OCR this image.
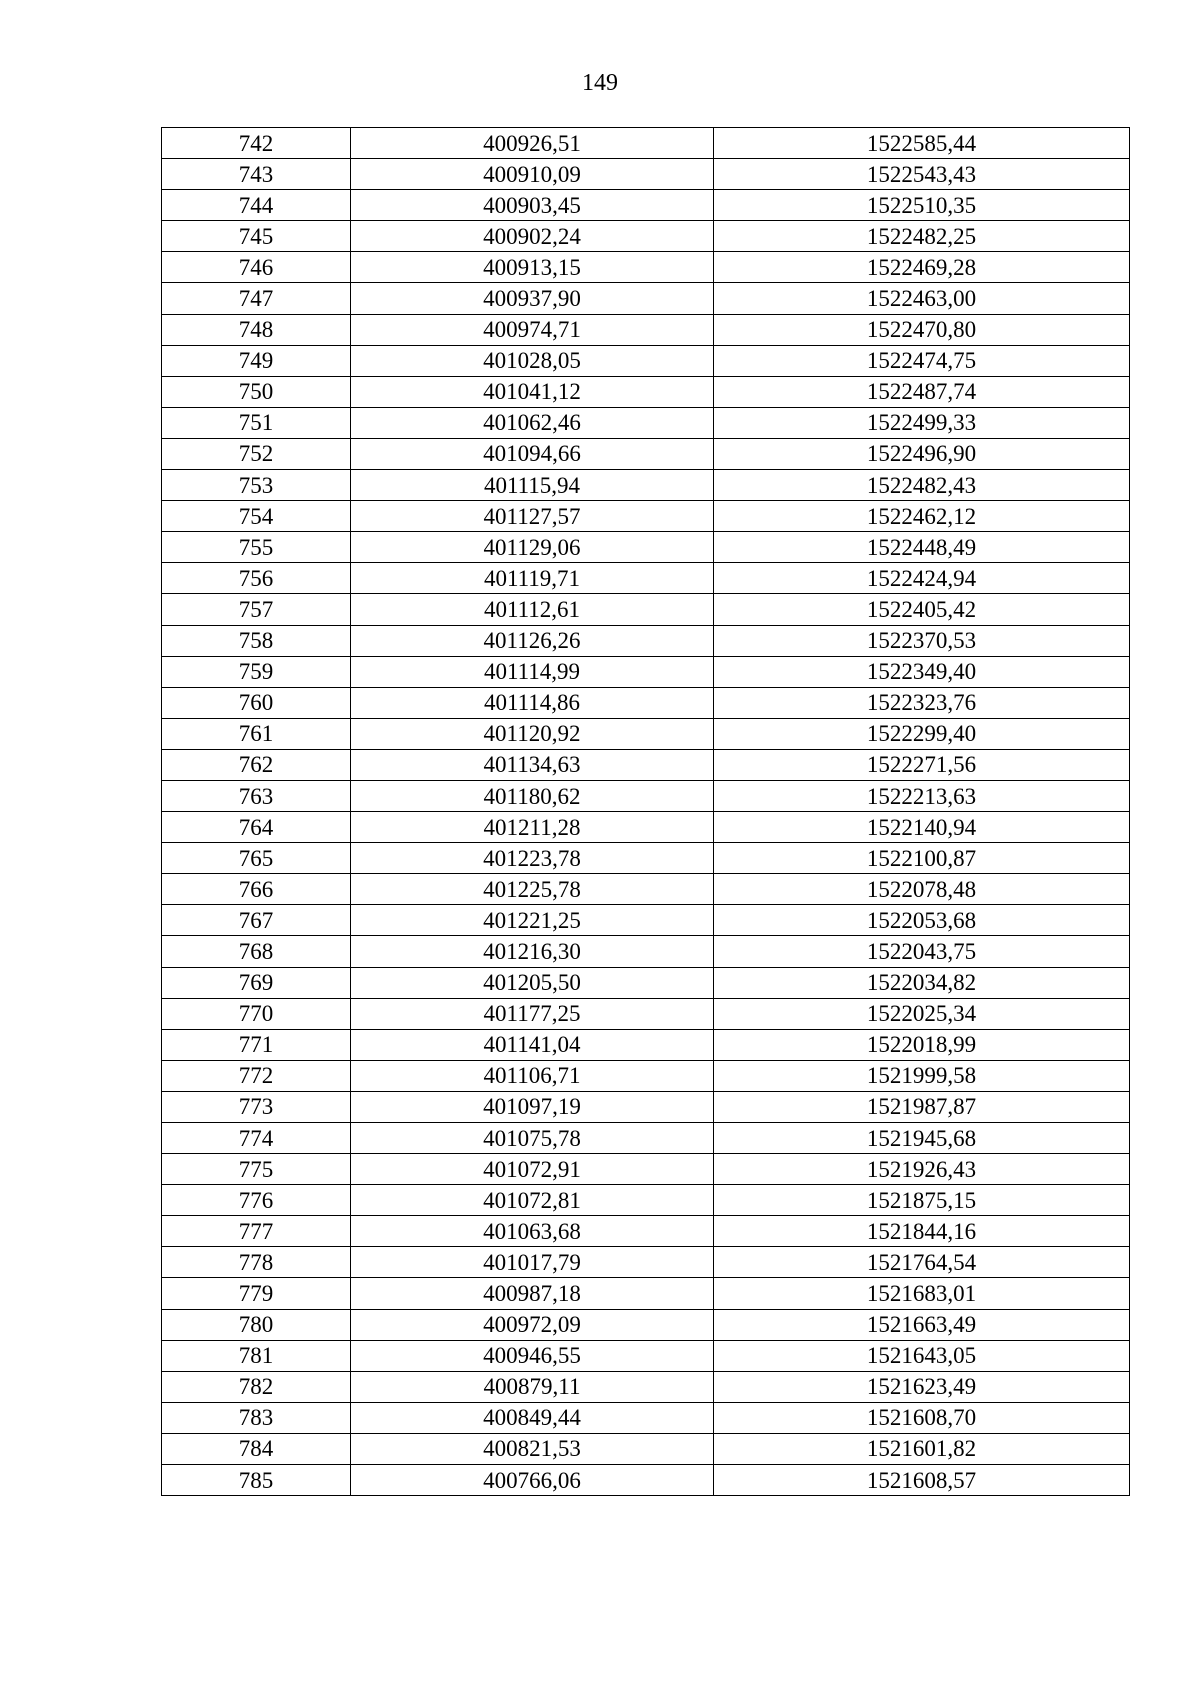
149
742	400926,51	1522585,44
743	400910,09	1522543,43
744	400903,45	1522510,35
745	400902,24	1522482,25
746	400913,15	1522469,28
747	400937,90	1522463,00
748	400974,71	1522470,80
749	401028,05	1522474,75
750	401041,12	1522487,74
751	401062,46	1522499,33
752	401094,66	1522496,90
753	401115,94	1522482,43
754	401127,57	1522462,12
755	401129,06	1522448,49
756	401119,71	1522424,94
757	401112,61	1522405,42
758	401126,26	1522370,53
759	401114,99	1522349,40
760	401114,86	1522323,76
761	401120,92	1522299,40
762	401134,63	1522271,56
763	401180,62	1522213,63
764	401211,28	1522140,94
765	401223,78	1522100,87
766	401225,78	1522078,48
767	401221,25	1522053,68
768	401216,30	1522043,75
769	401205,50	1522034,82
770	401177,25	1522025,34
771	401141,04	1522018,99
772	401106,71	1521999,58
773	401097,19	1521987,87
774	401075,78	1521945,68
775	401072,91	1521926,43
776	401072,81	1521875,15
777	401063,68	1521844,16
778	401017,79	1521764,54
779	400987,18	1521683,01
780	400972,09	1521663,49
781	400946,55	1521643,05
782	400879,11	1521623,49
783	400849,44	1521608,70
784	400821,53	1521601,82
785	400766,06	1521608,57
